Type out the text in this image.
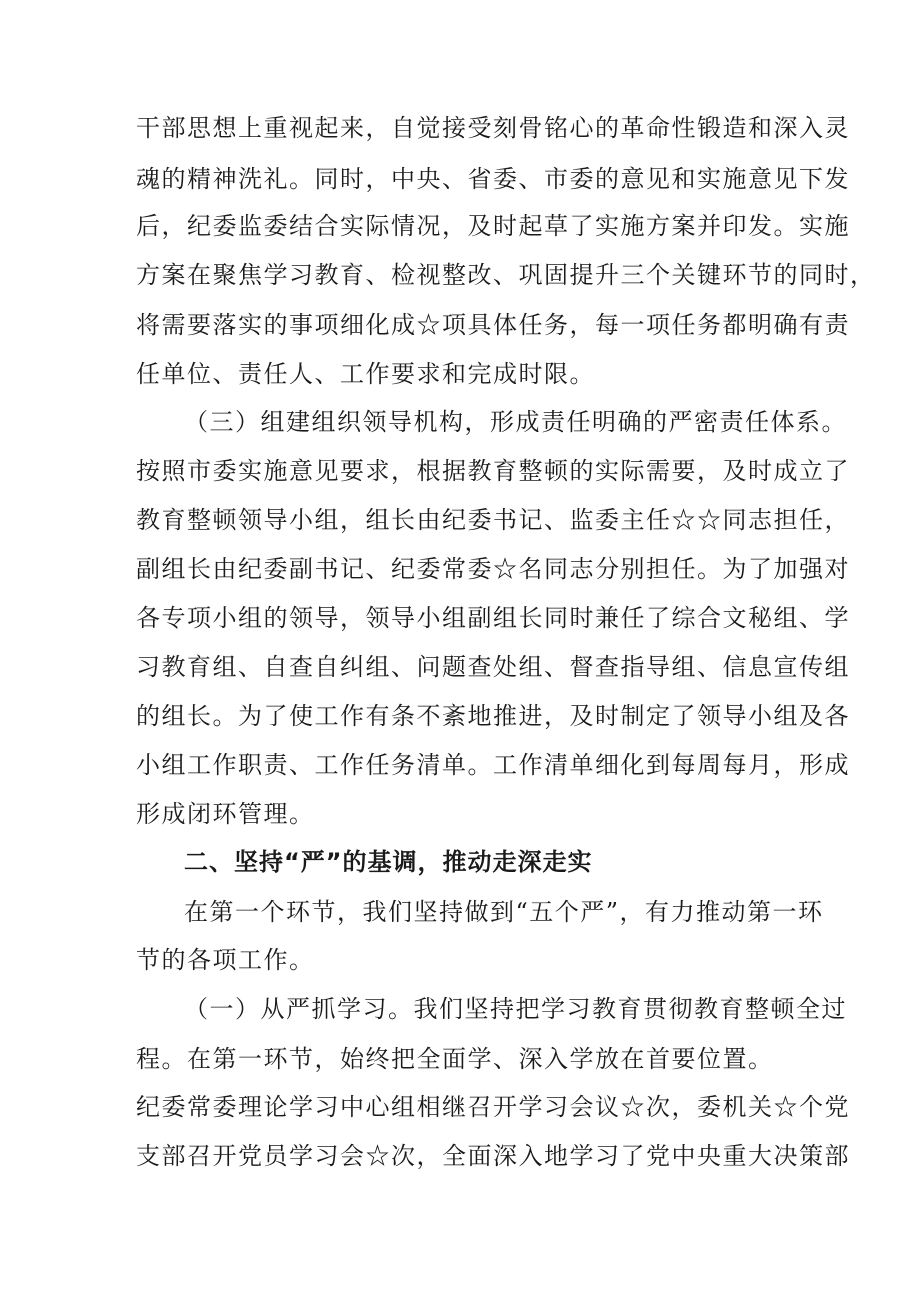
干部思想上重视起来，自觉接受刻骨铭心的革命性锻造和深入灵
魂的精神洗礼。同时，中央、省委、市委的意见和实施意见下发
后，纪委监委结合实际情况，及时起草了实施方案并印发。实施
方案在聚焦学习教育、检视整改、巩固提升三个关键环节的同时，
将需要落实的事项细化成☆项具体任务，每一项任务都明确有责
任单位、责任人、工作要求和完成时限。
（三）组建组织领导机构，形成责任明确的严密责任体系。
按照市委实施意见要求，根据教育整顿的实际需要，及时成立了
教育整顿领导小组，组长由纪委书记、监委主任☆☆同志担任，
副组长由纪委副书记、纪委常委☆名同志分别担任。为了加强对
各专项小组的领导，领导小组副组长同时兼任了综合文秘组、学
习教育组、自查自纠组、问题查处组、督查指导组、信息宣传组
的组长。为了使工作有条不紊地推进，及时制定了领导小组及各
小组工作职责、工作任务清单。工作清单细化到每周每月，形成
形成闭环管理。
二、坚持“严”的基调，推动走深走实
在第一个环节，我们坚持做到“五个严”，有力推动第一环
节的各项工作。
（一）从严抓学习。我们坚持把学习教育贯彻教育整顿全过
程。在第一环节，始终把全面学、深入学放在首要位置。
纪委常委理论学习中心组相继召开学习会议☆次，委机关☆个党
支部召开党员学习会☆次，全面深入地学习了党中央重大决策部
